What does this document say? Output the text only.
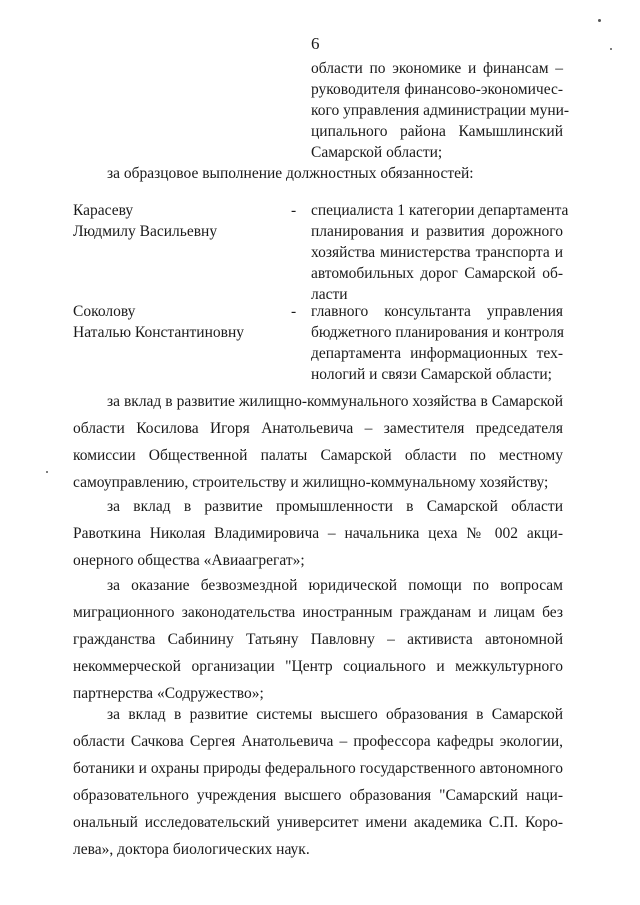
6
области по экономике и финансам –
руководителя финансово-экономичес-
кого управления администрации муни-
ципального района Камышлинский
Самарской области;
за образцовое выполнение должностных обязанностей:
Карасеву
Людмилу Васильевну
- специалиста 1 категории департамента
планирования и развития дорожного
хозяйства министерства транспорта и
автомобильных дорог Самарской об-
ласти
Соколову
Наталью Константиновну
- главного консультанта управления
бюджетного планирования и контроля
департамента информационных тех-
нологий и связи Самарской области;
за вклад в развитие жилищно-коммунального хозяйства в Самарской
области Косилова Игоря Анатольевича – заместителя председателя
комиссии Общественной палаты Самарской области по местному
самоуправлению, строительству и жилищно-коммунальному хозяйству;
за вклад в развитие промышленности в Самарской области
Равоткина Николая Владимировича – начальника цеха № 002 акци-
онерного общества «Авиаагрегат»;
за оказание безвозмездной юридической помощи по вопросам
миграционного законодательства иностранным гражданам и лицам без
гражданства Сабинину Татьяну Павловну – активиста автономной
некоммерческой организации "Центр социального и межкультурного
партнерства «Содружество»;
за вклад в развитие системы высшего образования в Самарской
области Сачкова Сергея Анатольевича – профессора кафедры экологии,
ботаники и охраны природы федерального государственного автономного
образовательного учреждения высшего образования "Самарский наци-
ональный исследовательский университет имени академика С.П. Коро-
лева», доктора биологических наук.
